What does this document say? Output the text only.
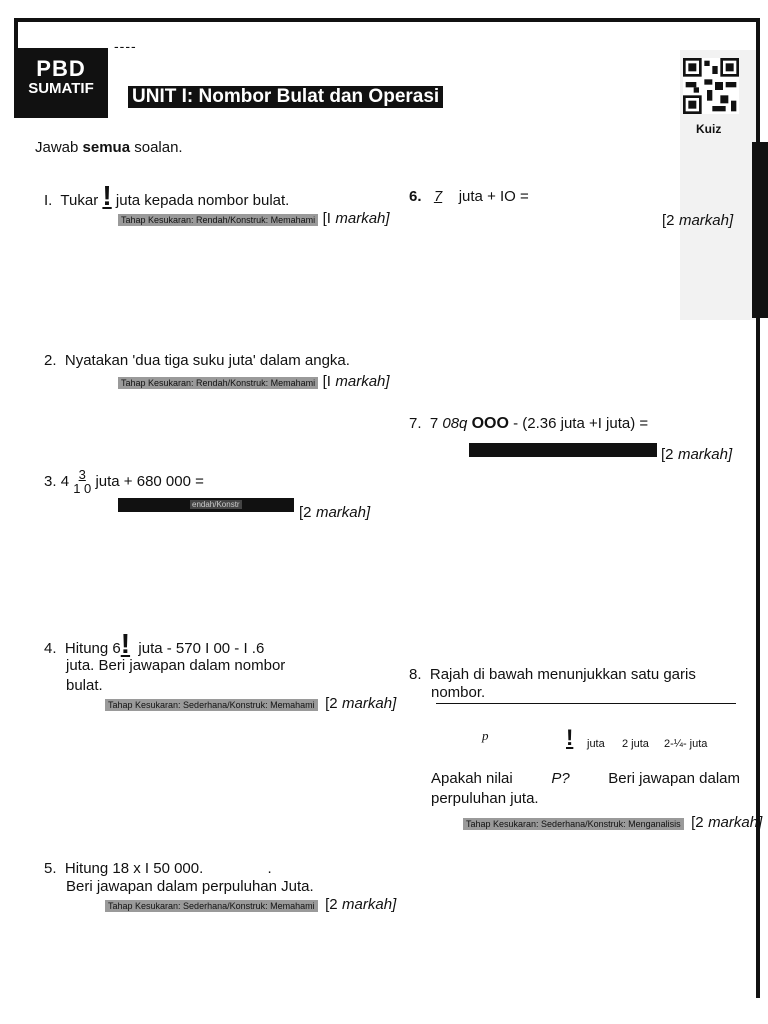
----
PBD
SUMATIF	UNIT I: Nombor Bulat dan Operasi
Kuiz
Jawab semua soalan.
I. Tukar ! juta kepada nombor bulat.
Tahap Kesukaran: Rendah/Konstruk: Memahami [I markah]
2. Nyatakan 'dua tiga suku juta' dalam angka.
Tahap Kesukaran: Rendah/Konstruk: Memahami [I markah]
3.
4
$\frac{3}{1 0}$
juta + 680 000 =
endah/Konstr	[2 markah]
4. Hitung 6! juta - 570 I 00 - I .6
juta. Beri jawapan dalam nombor
bulat.
Tahap Kesukaran: Sederhana/Konstruk: Memahami [2 markah]
5. Hitung 18 x I 50 000.	.
Beri jawapan dalam perpuluhan Juta.
Tahap Kesukaran: Sederhana/Konstruk: Memahami [2 markah]
6. 7 juta + IO =
[2 markah]
7. 7 08q OOO - (2.36 juta +I juta) =
[2 markah]
8. Rajah di bawah menunjukkan satu garis
nombor.
p	! juta 2 juta 2-¼- juta
Apakah nilai	P?	Beri jawapan dalam
perpuluhan juta.
Tahap Kesukaran: Sederhana/Konstruk: Menganalisis [2 markah]
